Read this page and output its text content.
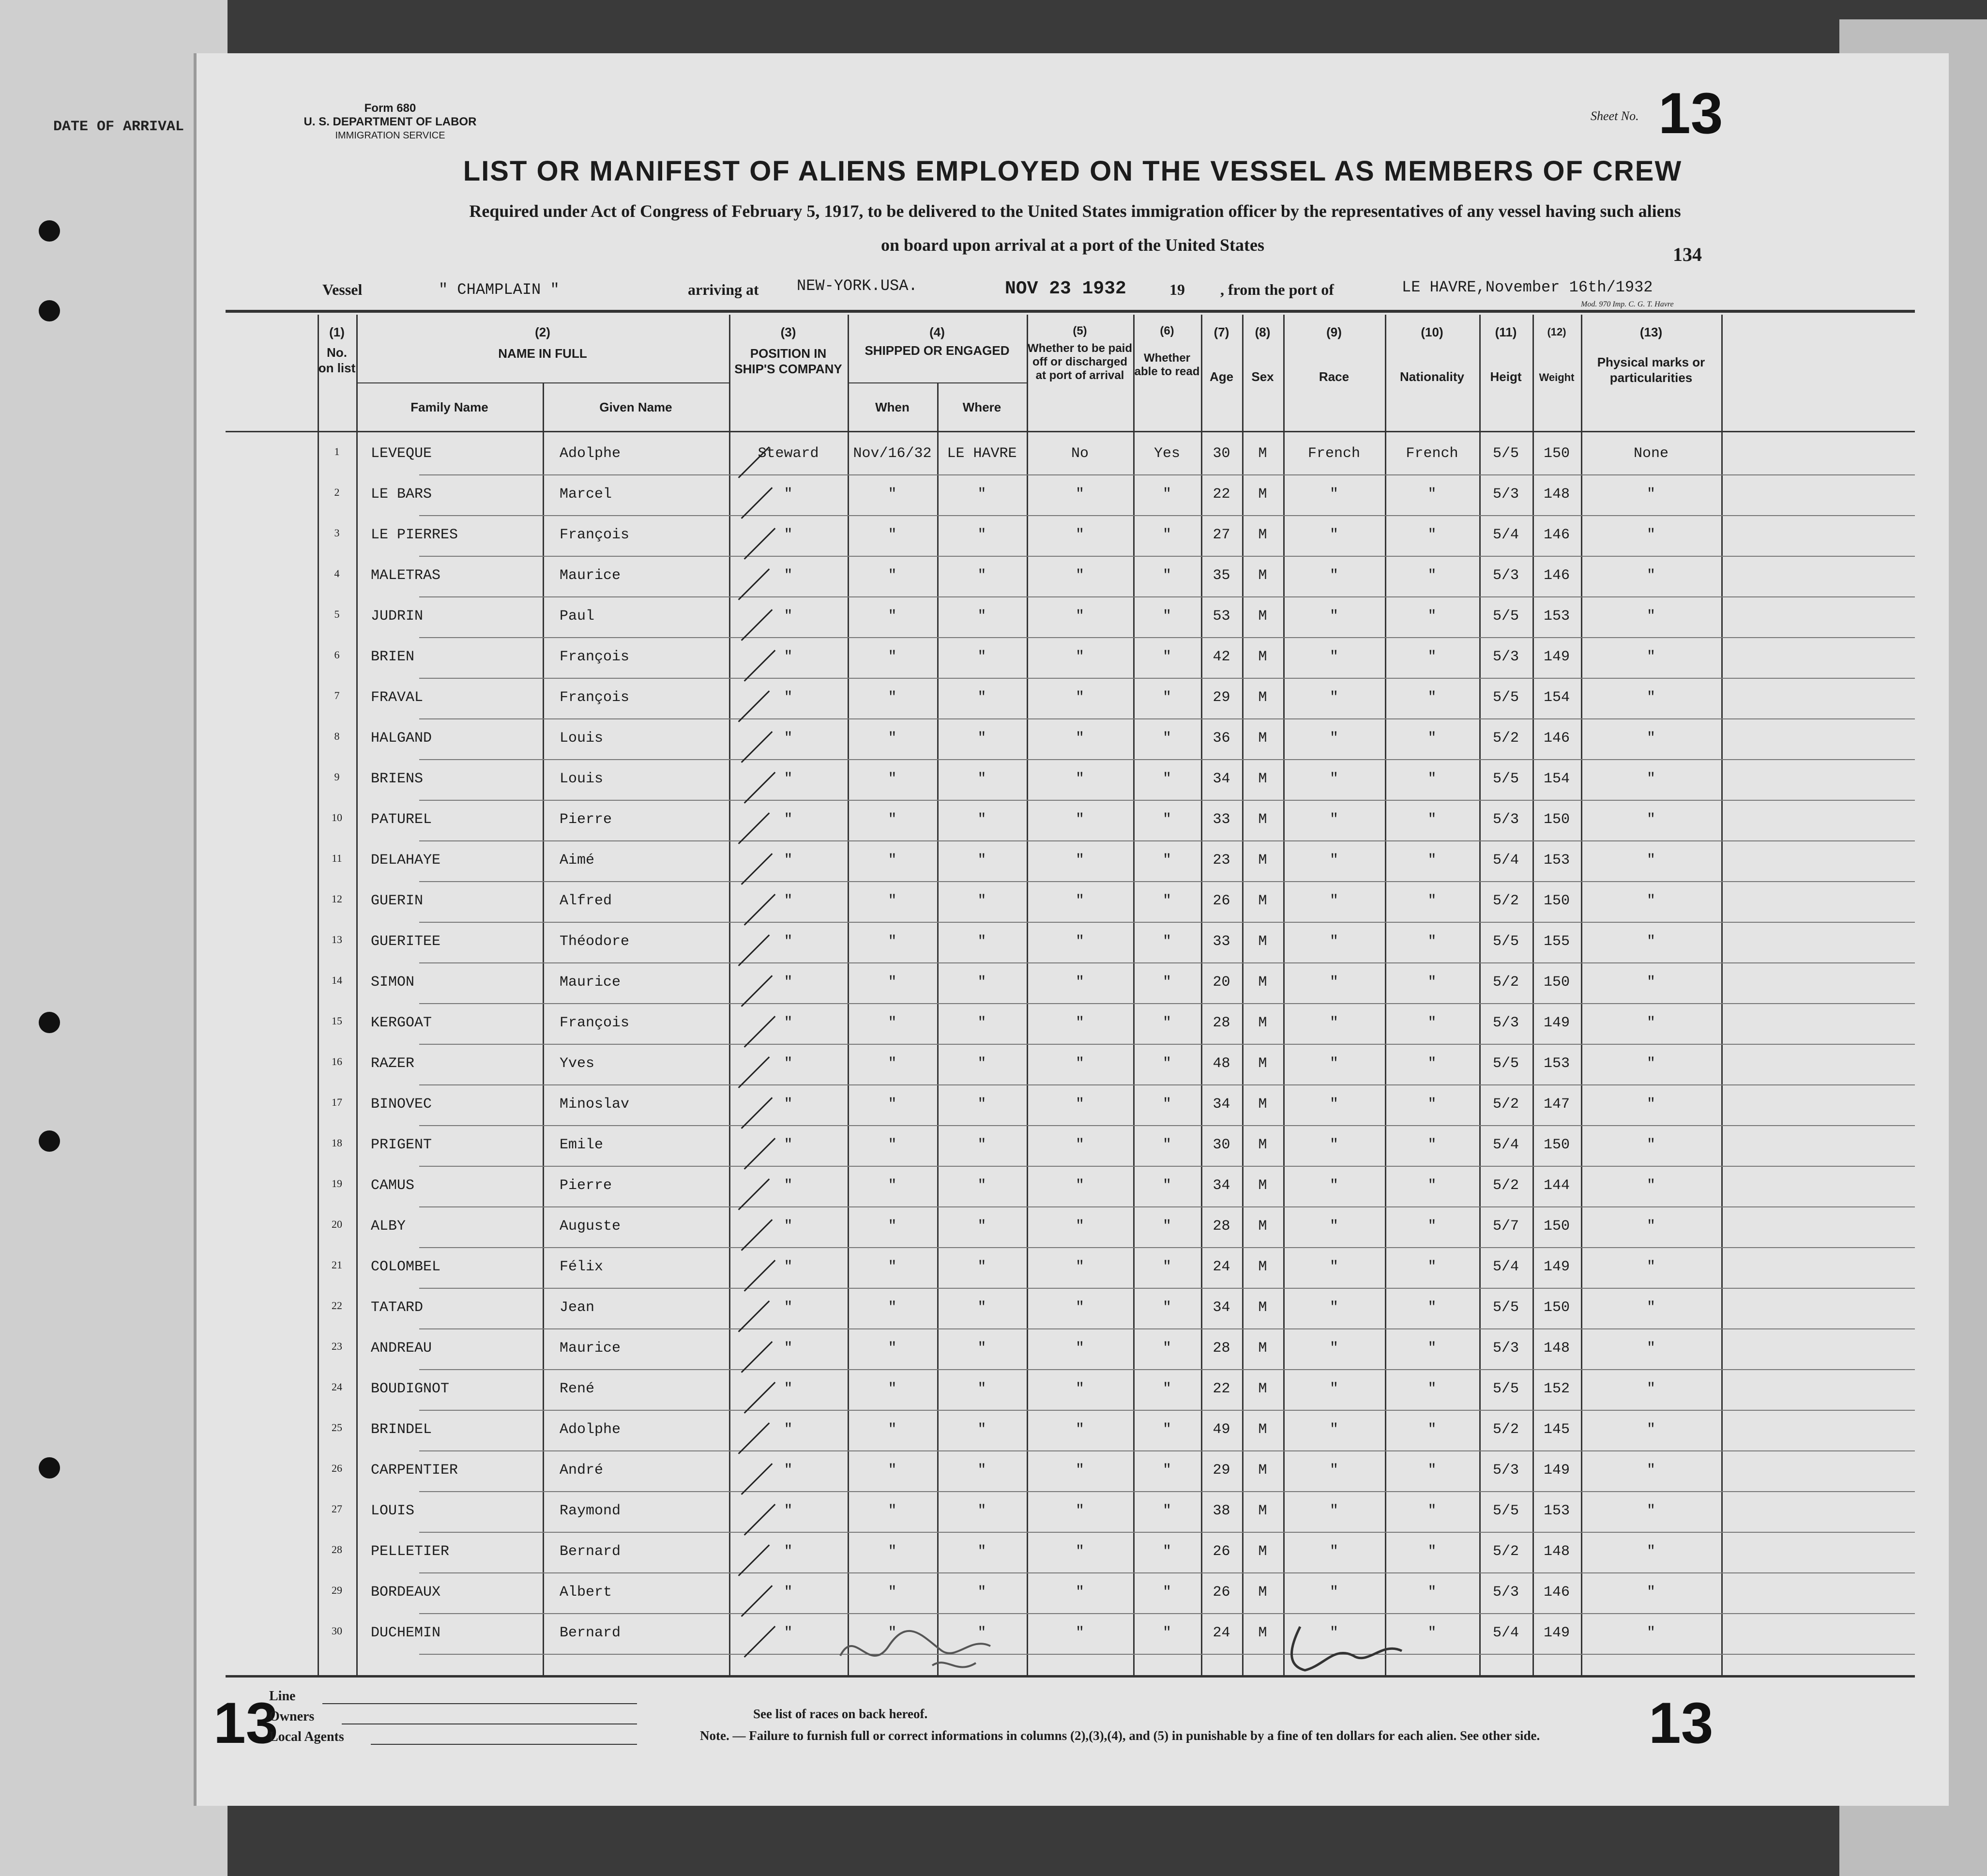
DATE OF ARRIVAL
Form 680
U. S. DEPARTMENT OF LABOR
IMMIGRATION SERVICE
Sheet No. 13
LIST OR MANIFEST OF ALIENS EMPLOYED ON THE VESSEL AS MEMBERS OF CREW
Required under Act of Congress of February 5, 1917, to be delivered to the United States immigration officer by the representatives of any vessel having such aliens
on board upon arrival at a port of the United States	134
Vessel	" CHAMPLAIN "	arriving at NEW-YORK.USA.	NOV 23 1932	19 , from the port of	LE HAVRE,November 16th/1932
Mod. 970 Imp. C. G. T. Havre
(1)
No. on list
(2)
NAME IN FULL
Family Name	Given Name
(3)
POSITION IN SHIP'S COMPANY
(4)
SHIPPED OR ENGAGED
When	Where
(5)
Whether to be paid off or discharged at port of arrival
(6)
Whether able to read
(7)
Age
(8)
Sex
(9)
Race
(10)
Nationality
(11)
Heigt
(12)
Weight
(13)
Physical marks or particularities
1	LEVEQUE	Adolphe	Steward	Nov/16/32	LE HAVRE	No	Yes	30	M	French	French	5/5	150	None
2	LE BARS	Marcel	"	"	"	"	"	22	M	"	"	5/3	148	"
3	LE PIERRES	François	"	"	"	"	"	27	M	"	"	5/4	146	"
4	MALETRAS	Maurice	"	"	"	"	"	35	M	"	"	5/3	146	"
5	JUDRIN	Paul	"	"	"	"	"	53	M	"	"	5/5	153	"
6	BRIEN	François	"	"	"	"	"	42	M	"	"	5/3	149	"
7	FRAVAL	François	"	"	"	"	"	29	M	"	"	5/5	154	"
8	HALGAND	Louis	"	"	"	"	"	36	M	"	"	5/2	146	"
9	BRIENS	Louis	"	"	"	"	"	34	M	"	"	5/5	154	"
10	PATUREL	Pierre	"	"	"	"	"	33	M	"	"	5/3	150	"
11	DELAHAYE	Aimé	"	"	"	"	"	23	M	"	"	5/4	153	"
12	GUERIN	Alfred	"	"	"	"	"	26	M	"	"	5/2	150	"
13	GUERITEE	Théodore	"	"	"	"	"	33	M	"	"	5/5	155	"
14	SIMON	Maurice	"	"	"	"	"	20	M	"	"	5/2	150	"
15	KERGOAT	François	"	"	"	"	"	28	M	"	"	5/3	149	"
16	RAZER	Yves	"	"	"	"	"	48	M	"	"	5/5	153	"
17	BINOVEC	Minoslav	"	"	"	"	"	34	M	"	"	5/2	147	"
18	PRIGENT	Emile	"	"	"	"	"	30	M	"	"	5/4	150	"
19	CAMUS	Pierre	"	"	"	"	"	34	M	"	"	5/2	144	"
20	ALBY	Auguste	"	"	"	"	"	28	M	"	"	5/7	150	"
21	COLOMBEL	Félix	"	"	"	"	"	24	M	"	"	5/4	149	"
22	TATARD	Jean	"	"	"	"	"	34	M	"	"	5/5	150	"
23	ANDREAU	Maurice	"	"	"	"	"	28	M	"	"	5/3	148	"
24	BOUDIGNOT	René	"	"	"	"	"	22	M	"	"	5/5	152	"
25	BRINDEL	Adolphe	"	"	"	"	"	49	M	"	"	5/2	145	"
26	CARPENTIER	André	"	"	"	"	"	29	M	"	"	5/3	149	"
27	LOUIS	Raymond	"	"	"	"	"	38	M	"	"	5/5	153	"
28	PELLETIER	Bernard	"	"	"	"	"	26	M	"	"	5/2	148	"
29	BORDEAUX	Albert	"	"	"	"	"	26	M	"	"	5/3	146	"
30	DUCHEMIN	Bernard	"	"	"	"	"	24	M	"	"	5/4	149	"
13	13
Line
Owners
Local Agents
See list of races on back hereof.
Note. — Failure to furnish full or correct informations in columns (2),(3),(4), and (5) in punishable by a fine of ten dollars for each alien. See other side.
